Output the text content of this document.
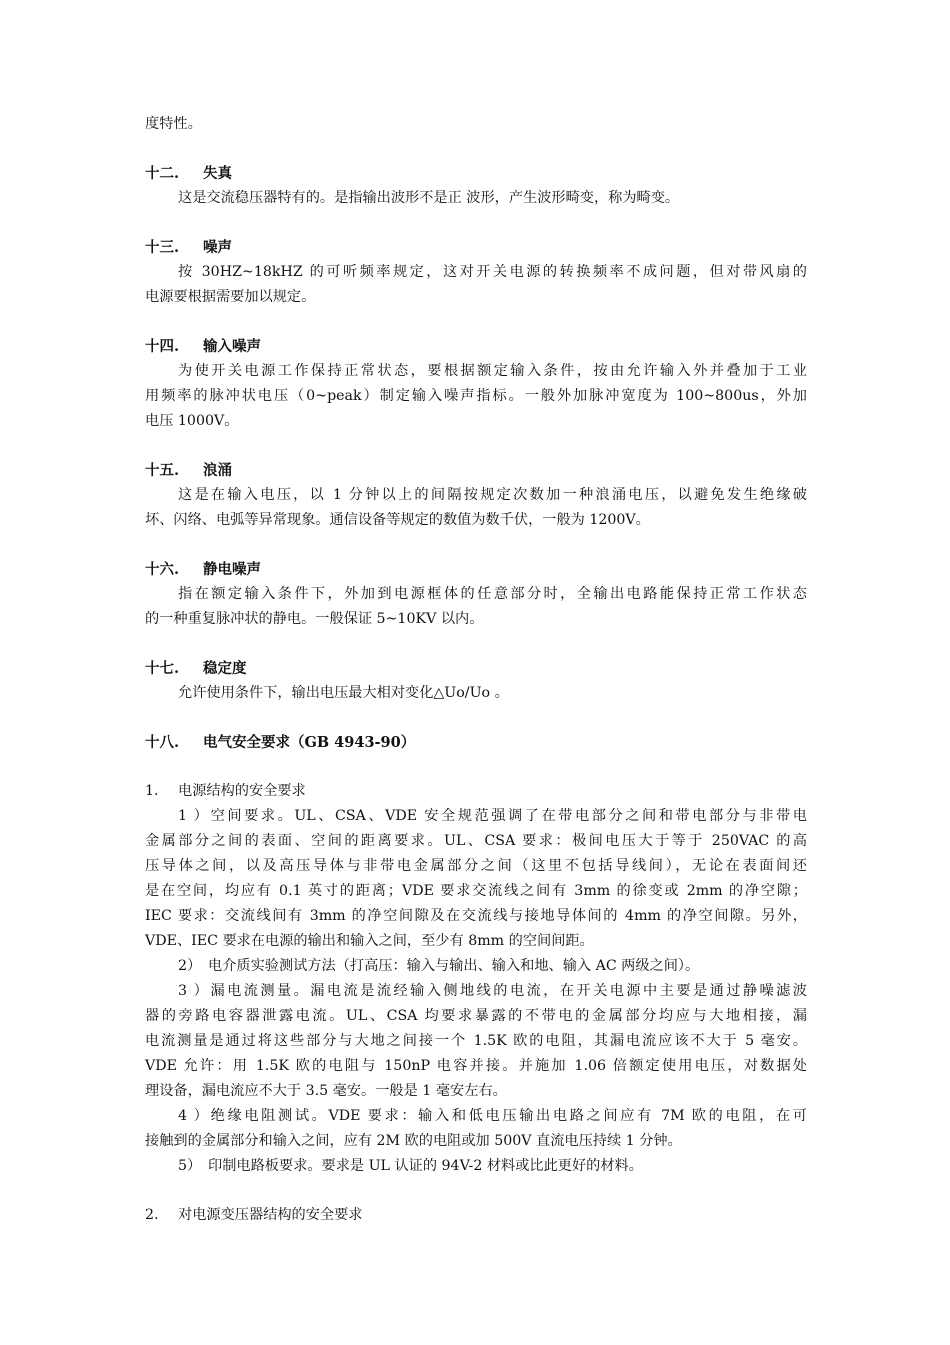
度特性。
十二. 失真
这是交流稳压器特有的。是指输出波形不是正 波形，产生波形畸变，称为畸变。
十三. 噪声
按 30HZ~18kHZ 的可听频率规定，这对开关电源的转换频率不成问题，但对带风扇的
电源要根据需要加以规定。
十四. 输入噪声
为使开关电源工作保持正常状态，要根据额定输入条件，按由允许输入外并叠加于工业
用频率的脉冲状电压（0~peak）制定输入噪声指标。一般外加脉冲宽度为 100~800us，外加
电压 1000V。
十五. 浪涌
这是在输入电压，以 1 分钟以上的间隔按规定次数加一种浪涌电压，以避免发生绝缘破
坏、闪络、电弧等异常现象。通信设备等规定的数值为数千伏，一般为 1200V。
十六. 静电噪声
指在额定输入条件下，外加到电源框体的任意部分时，全输出电路能保持正常工作状态
的一种重复脉冲状的静电。一般保证 5~10KV 以内。
十七. 稳定度
允许使用条件下，输出电压最大相对变化△Uo/Uo 。
十八. 电气安全要求（GB 4943-90）
1. 电源结构的安全要求
1）空间要求。UL、CSA、VDE 安全规范强调了在带电部分之间和带电部分与非带电
金属部分之间的表面、空间的距离要求。UL、CSA 要求：极间电压大于等于 250VAC 的高
压导体之间，以及高压导体与非带电金属部分之间（这里不包括导线间），无论在表面间还
是在空间，均应有 0.1 英寸的距离；VDE 要求交流线之间有 3mm 的徐变或 2mm 的净空隙；
IEC 要求：交流线间有 3mm 的净空间隙及在交流线与接地导体间的 4mm 的净空间隙。另外，
VDE、IEC 要求在电源的输出和输入之间，至少有 8mm 的空间间距。
2） 电介质实验测试方法（打高压：输入与输出、输入和地、输入 AC 两级之间）。
3）漏电流测量。漏电流是流经输入侧地线的电流，在开关电源中主要是通过静噪滤波
器的旁路电容器泄露电流。UL、CSA 均要求暴露的不带电的金属部分均应与大地相接，漏
电流测量是通过将这些部分与大地之间接一个 1.5K 欧的电阻，其漏电流应该不大于 5 毫安。
VDE 允许：用 1.5K 欧的电阻与 150nP 电容并接。并施加 1.06 倍额定使用电压，对数据处
理设备，漏电流应不大于 3.5 毫安。一般是 1 毫安左右。
4）绝缘电阻测试。VDE 要求：输入和低电压输出电路之间应有 7M 欧的电阻，在可
接触到的金属部分和输入之间，应有 2M 欧的电阻或加 500V 直流电压持续 1 分钟。
5） 印制电路板要求。要求是 UL 认证的 94V-2 材料或比此更好的材料。
2. 对电源变压器结构的安全要求
